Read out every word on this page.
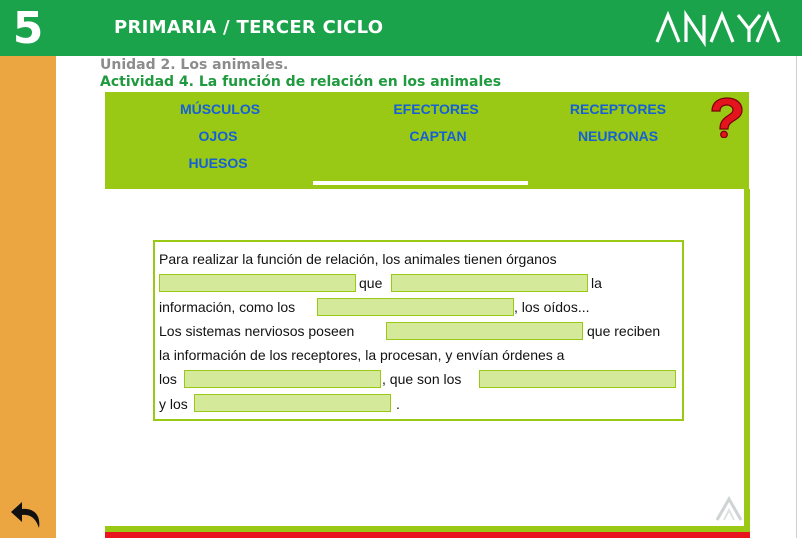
5	PRIMARIA / TERCER CICLO
Unidad 2. Los animales.
Actividad 4. La función de relación en los animales
MÚSCULOS	EFECTORES	RECEPTORES
OJOS	CAPTAN	NEURONAS
HUESOS
Para realizar la función de relación, los animales tienen órganos
que	la
información, como los	, los oídos...
Los sistemas nerviosos poseen	que reciben
la información de los receptores, la procesan, y envían órdenes a
los	, que son los
y los	.
